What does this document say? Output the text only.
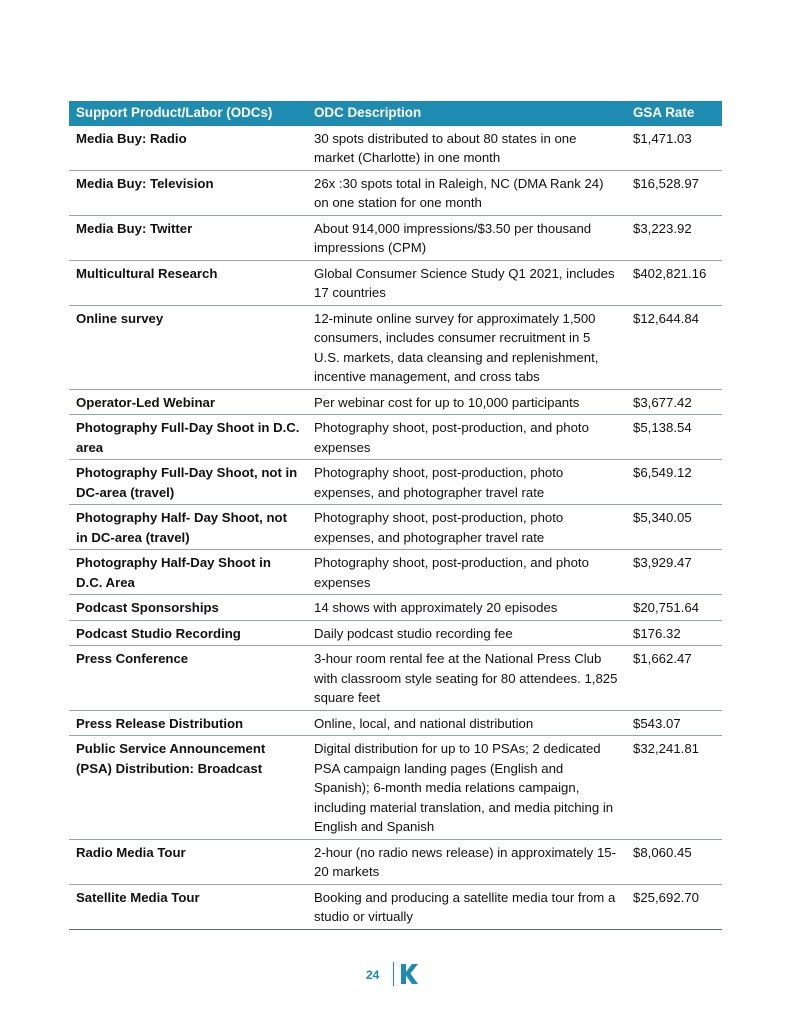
Support Product/Labor (ODCs)	ODC Description	GSA Rate
Media Buy: Radio	30 spots distributed to about 80 states in one market (Charlotte) in one month	$1,471.03
Media Buy: Television	26x :30 spots total in Raleigh, NC (DMA Rank 24) on one station for one month	$16,528.97
Media Buy: Twitter	About 914,000 impressions/$3.50 per thousand impressions (CPM)	$3,223.92
Multicultural Research	Global Consumer Science Study Q1 2021, includes 17 countries	$402,821.16
Online survey	12-minute online survey for approximately 1,500 consumers, includes consumer recruitment in 5 U.S. markets, data cleansing and replenishment, incentive management, and cross tabs	$12,644.84
Operator-Led Webinar	Per webinar cost for up to 10,000 participants	$3,677.42
Photography Full-Day Shoot in D.C. area	Photography shoot, post-production, and photo expenses	$5,138.54
Photography Full-Day Shoot, not in DC-area (travel)	Photography shoot, post-production, photo expenses, and photographer travel rate	$6,549.12
Photography Half- Day Shoot, not in DC-area (travel)	Photography shoot, post-production, photo expenses, and photographer travel rate	$5,340.05
Photography Half-Day Shoot in D.C. Area	Photography shoot, post-production, and photo expenses	$3,929.47
Podcast Sponsorships	14 shows with approximately 20 episodes	$20,751.64
Podcast Studio Recording	Daily podcast studio recording fee	$176.32
Press Conference	3-hour room rental fee at the National Press Club with classroom style seating for 80 attendees. 1,825 square feet	$1,662.47
Press Release Distribution	Online, local, and national distribution	$543.07
Public Service Announcement (PSA) Distribution: Broadcast	Digital distribution for up to 10 PSAs; 2 dedicated PSA campaign landing pages (English and Spanish); 6-month media relations campaign, including material translation, and media pitching in English and Spanish	$32,241.81
Radio Media Tour	2-hour (no radio news release) in approximately 15-20 markets	$8,060.45
Satellite Media Tour	Booking and producing a satellite media tour from a studio or virtually	$25,692.70
24
